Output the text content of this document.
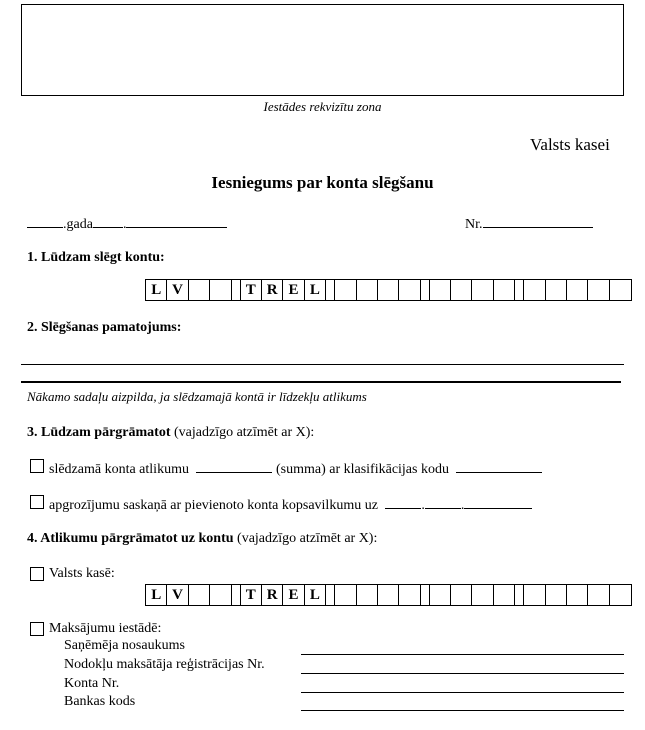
Iestādes rekvizītu zona
Valsts kasei
Iesniegums par konta slēgšanu
.gada .	Nr.
1. Lūdzam slēgt kontu:
L V	T R E L
2. Slēgšanas pamatojums:
Nākamo sadaļu aizpilda, ja slēdzamajā kontā ir līdzekļu atlikums
3. Lūdzam pārgrāmatot (vajadzīgo atzīmēt ar X):
slēdzamā konta atlikumu	(summa) ar klasifikācijas kodu
apgrozījumu saskaņā ar pievienoto konta kopsavilkumu uz	.	.
4. Atlikumu pārgrāmatot uz kontu (vajadzīgo atzīmēt ar X):
Valsts kasē:
L V	T R E L
Maksājumu iestādē:
Saņēmēja nosaukums
Nodokļu maksātāja reģistrācijas Nr.
Konta Nr.
Bankas kods
